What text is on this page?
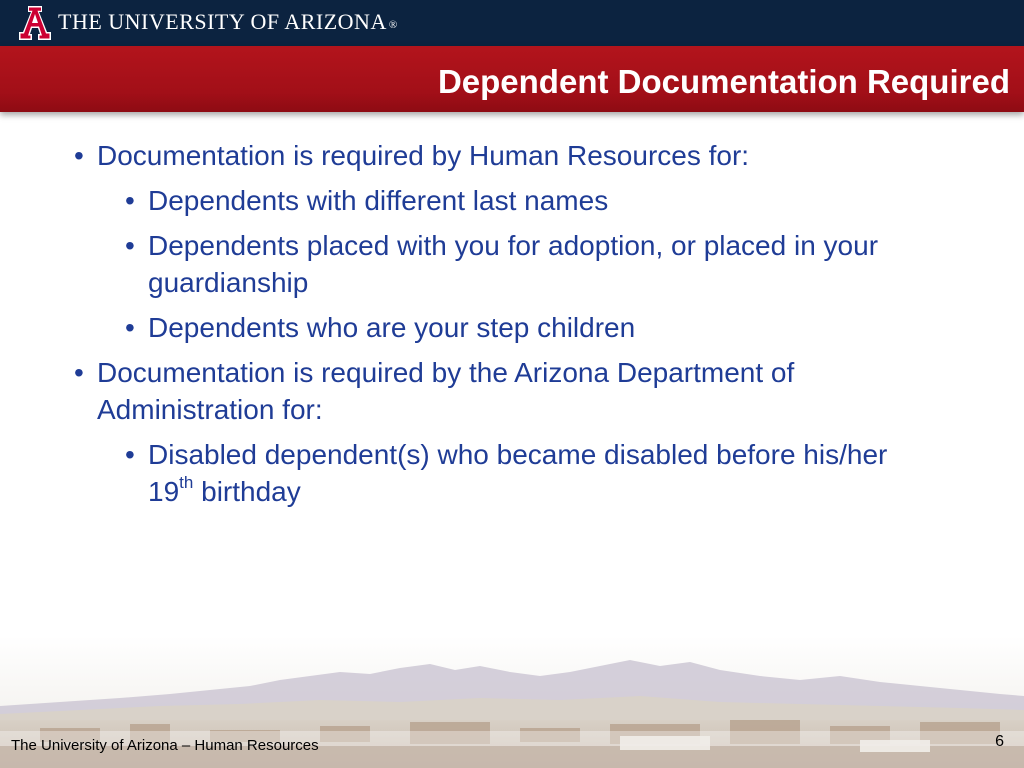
THE UNIVERSITY OF ARIZONA ®
Dependent Documentation Required
• Documentation is required by Human Resources for:
• Dependents with different last names
• Dependents placed with you for adoption, or placed in your guardianship
• Dependents who are your step children
• Documentation is required by the Arizona Department of Administration for:
• Disabled dependent(s) who became disabled before his/her 19th birthday
The University of Arizona – Human Resources	6
